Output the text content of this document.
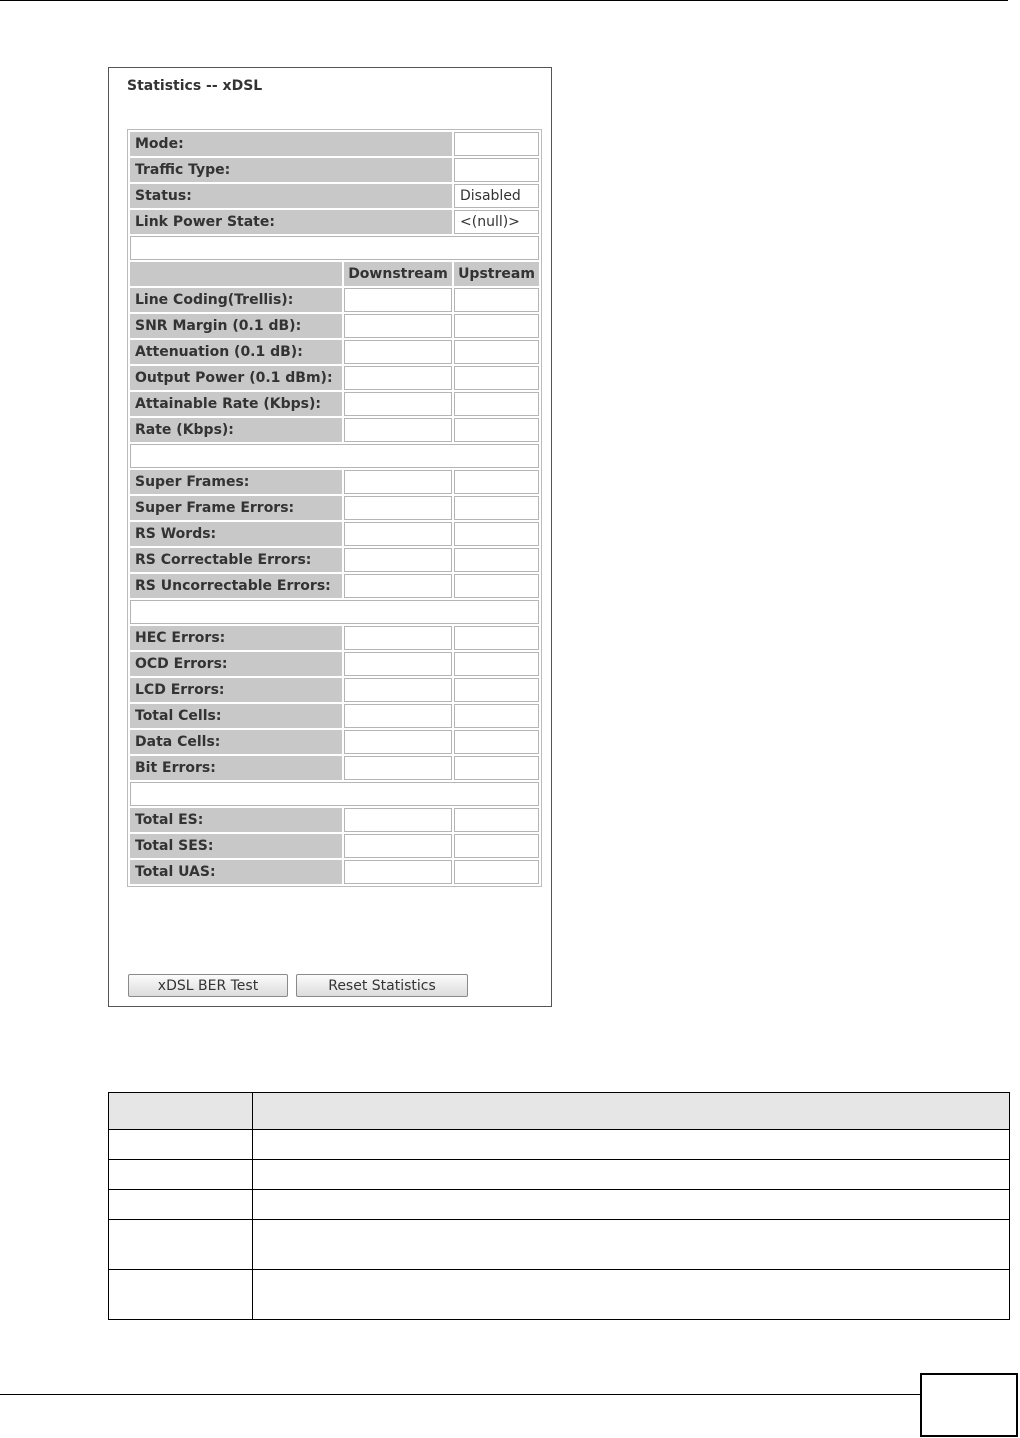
Statistics -- xDSL
Mode:		
Traffic Type:		
Status:		Disabled
Link Power State:		<(null)>

	Downstream	Upstream
Line Coding(Trellis):		
SNR Margin (0.1 dB):		
Attenuation (0.1 dB):		
Output Power (0.1 dBm):		
Attainable Rate (Kbps):		
Rate (Kbps):		

Super Frames:		
Super Frame Errors:		
RS Words:		
RS Correctable Errors:		
RS Uncorrectable Errors:		

HEC Errors:		
OCD Errors:		
LCD Errors:		
Total Cells:		
Data Cells:		
Bit Errors:		

Total ES:		
Total SES:		
Total UAS:		
xDSL BER Test	Reset Statistics
